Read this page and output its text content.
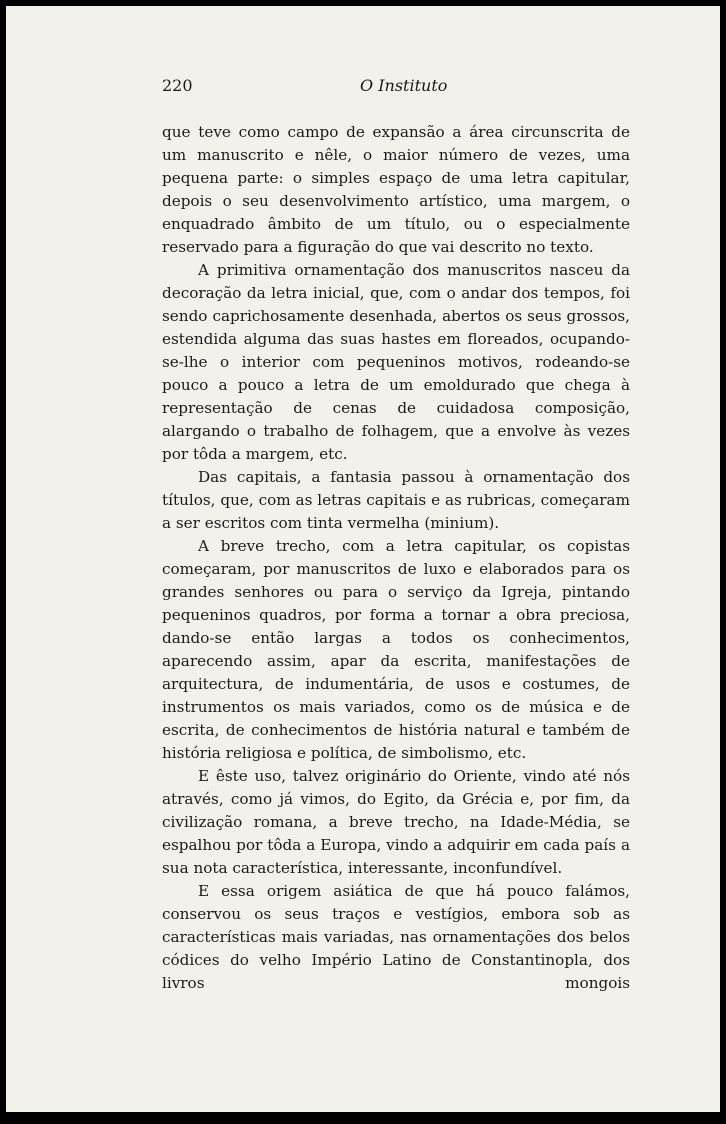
220	O Instituto

que teve como campo de expansão a área circunscrita de um manuscrito e nêle, o maior número de vezes, uma pequena parte: o simples espaço de uma letra capitular, depois o seu desenvolvimento artístico, uma margem, o enquadrado âmbito de um título, ou o especialmente reservado para a figuração do que vai descrito no texto.

A primitiva ornamentação dos manuscritos nasceu da decoração da letra inicial, que, com o andar dos tempos, foi sendo caprichosamente desenhada, abertos os seus grossos, estendida alguma das suas hastes em floreados, ocupando-se-lhe o interior com pequeninos motivos, rodeando-se pouco a pouco a letra de um emoldurado que chega à representação de cenas de cuidadosa composição, alargando o trabalho de folhagem, que a envolve às vezes por tôda a margem, etc.

Das capitais, a fantasia passou à ornamentação dos títulos, que, com as letras capitais e as rubricas, começaram a ser escritos com tinta vermelha (minium).

A breve trecho, com a letra capitular, os copistas começaram, por manuscritos de luxo e elaborados para os grandes senhores ou para o serviço da Igreja, pintando pequeninos quadros, por forma a tornar a obra preciosa, dando-se então largas a todos os conhecimentos, aparecendo assim, apar da escrita, manifestações de arquitectura, de indumentária, de usos e costumes, de instrumentos os mais variados, como os de música e de escrita, de conhecimentos de história natural e também de história religiosa e política, de simbolismo, etc.

E êste uso, talvez originário do Oriente, vindo até nós através, como já vimos, do Egito, da Grécia e, por fim, da civilização romana, a breve trecho, na Idade-Média, se espalhou por tôda a Europa, vindo a adquirir em cada país a sua nota característica, interessante, inconfundível.

E essa origem asiática de que há pouco falámos, conservou os seus traços e vestígios, embora sob as características mais variadas, nas ornamentações dos belos códices do velho Império Latino de Constantinopla, dos livros mongois
